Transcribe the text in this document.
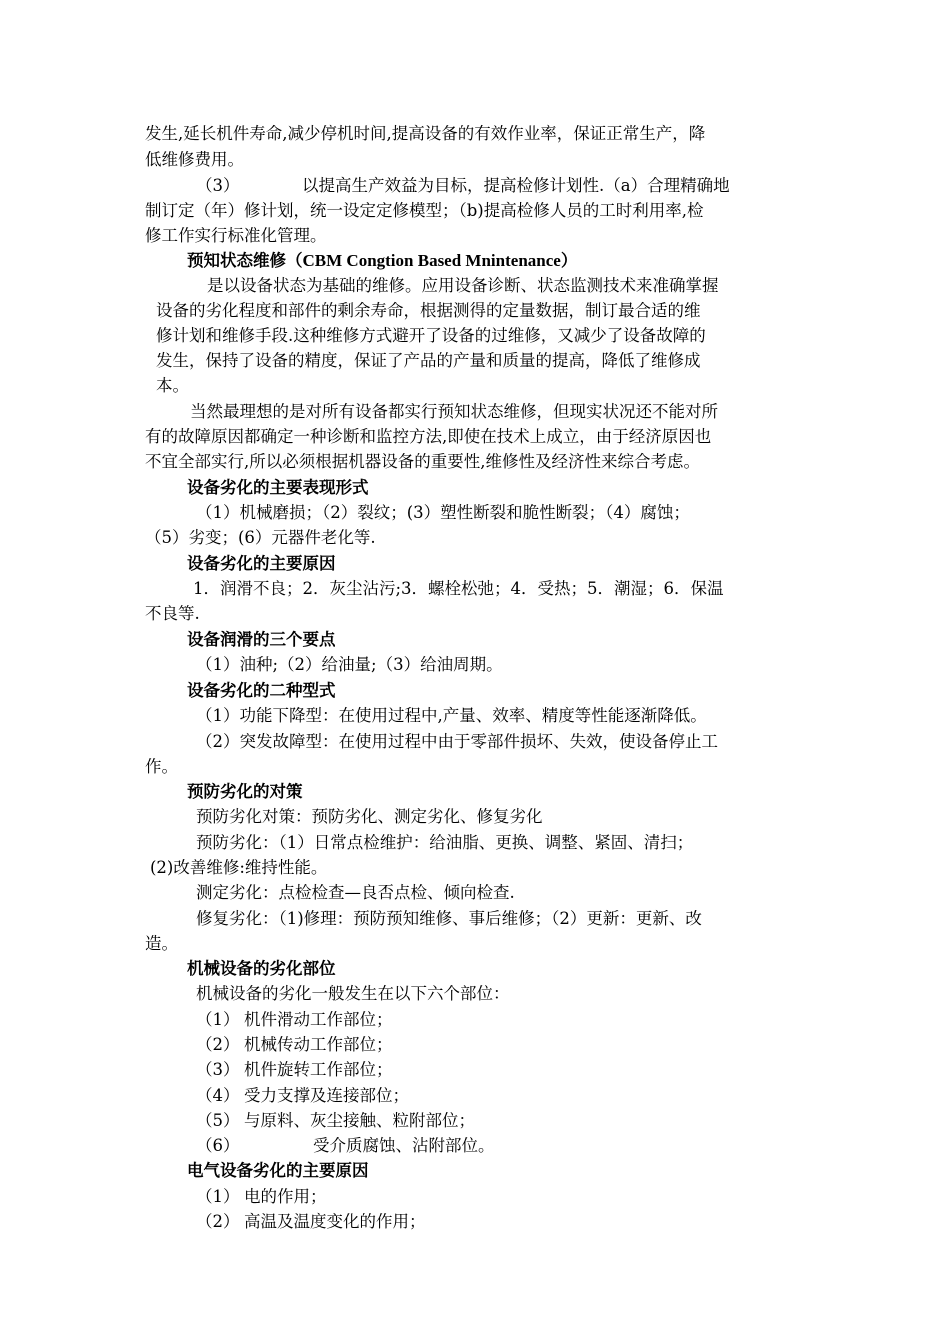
发生,延长机件寿命,减少停机时间,提高设备的有效作业率，保证正常生产，降
低维修费用。
（3）	以提高生产效益为目标，提高检修计划性.（a）合理精确地
制订定（年）修计划，统一设定定修模型；（b)提高检修人员的工时利用率,检
修工作实行标准化管理。
预知状态维修（CBM Congtion Based Mnintenance）
是以设备状态为基础的维修。应用设备诊断、状态监测技术来准确掌握
设备的劣化程度和部件的剩余寿命，根据测得的定量数据，制订最合适的维
修计划和维修手段.这种维修方式避开了设备的过维修，又减少了设备故障的
发生，保持了设备的精度，保证了产品的产量和质量的提高，降低了维修成
本。
当然最理想的是对所有设备都实行预知状态维修，但现实状况还不能对所
有的故障原因都确定一种诊断和监控方法,即使在技术上成立，由于经济原因也
不宜全部实行,所以必须根据机器设备的重要性,维修性及经济性来综合考虑。
设备劣化的主要表现形式
（1）机械磨损；（2）裂纹；(3）塑性断裂和脆性断裂；（4）腐蚀；
（5）劣变；(6）元器件老化等.
设备劣化的主要原因
1．润滑不良；2．灰尘沾污;3．螺栓松弛；4．受热；5．潮湿；6．保温
不良等.
设备润滑的三个要点
（1）油种;（2）给油量;（3）给油周期。
设备劣化的二种型式
（1）功能下降型：在使用过程中,产量、效率、精度等性能逐渐降低。
（2）突发故障型：在使用过程中由于零部件损坏、失效，使设备停止工
作。
预防劣化的对策
预防劣化对策：预防劣化、测定劣化、修复劣化
预防劣化：（1）日常点检维护：给油脂、更换、调整、紧固、清扫；
(2)改善维修:维持性能。
测定劣化：点检检查—良否点检、倾向检查.
修复劣化：（1)修理：预防预知维修、事后维修；（2）更新：更新、改
造。
机械设备的劣化部位
机械设备的劣化一般发生在以下六个部位：
（1） 机件滑动工作部位；
（2） 机械传动工作部位；
（3） 机件旋转工作部位；
（4） 受力支撑及连接部位；
（5） 与原料、灰尘接触、粒附部位；
（6）	受介质腐蚀、沾附部位。
电气设备劣化的主要原因
（1） 电的作用；
（2） 高温及温度变化的作用；
